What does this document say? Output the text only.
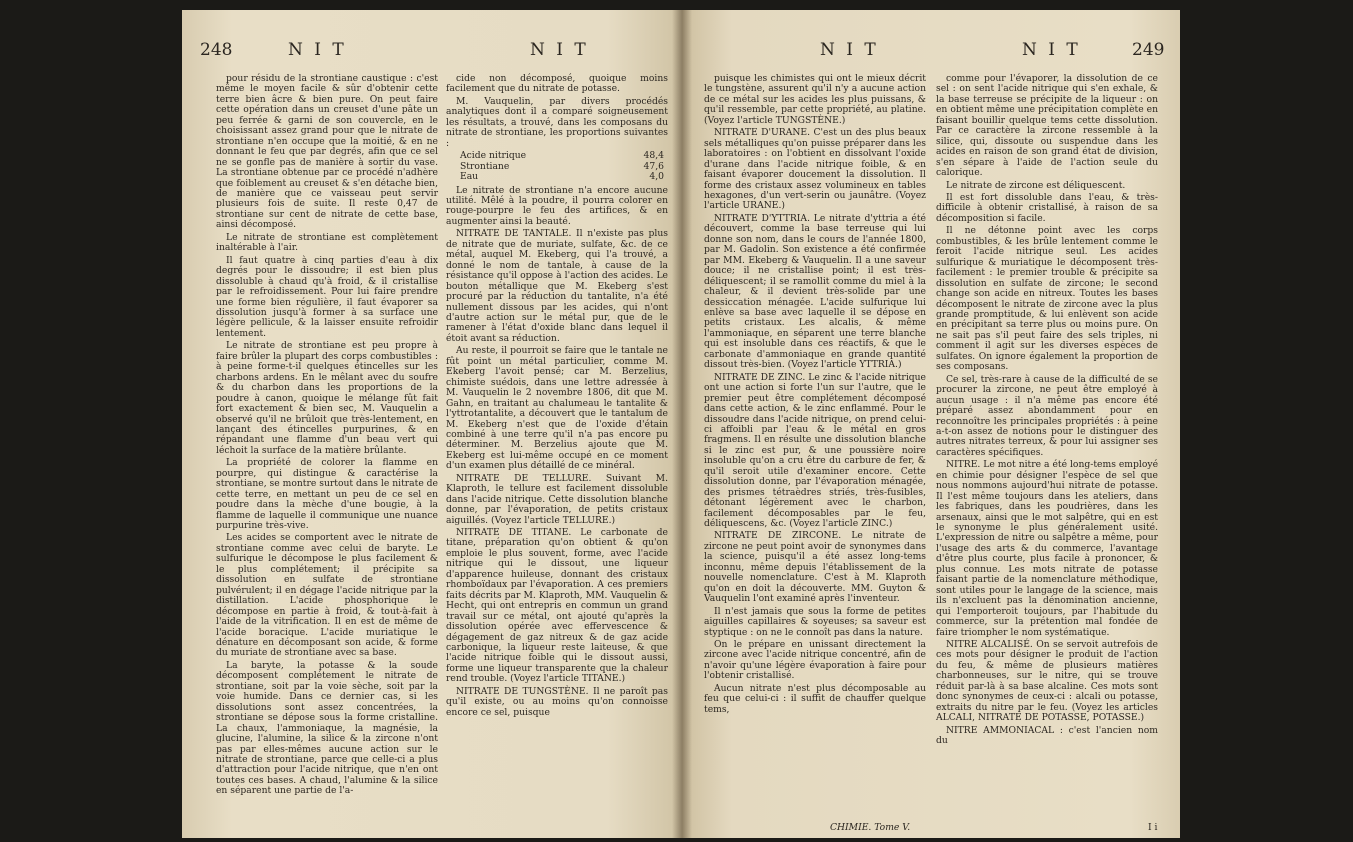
248	N I T	N I T

pour résidu de la strontiane caustique : c'est même le moyen facile & sûr d'obtenir cette terre bien âcre & bien pure. On peut faire cette opération dans un creuset d'une pâte un peu ferrée & garni de son couvercle, en le choisissant assez grand pour que le nitrate de strontiane n'en occupe que la moitié, & en ne donnant le feu que par degrés, afin que ce sel ne se gonfle pas de manière à sortir du vase. La strontiane obtenue par ce procédé n'adhère que foiblement au creuset & s'en détache bien, de manière que ce vaisseau peut servir plusieurs fois de suite. Il reste 0,47 de strontiane sur cent de nitrate de cette base, ainsi décomposé.

Le nitrate de strontiane est complètement inaltérable à l'air.

Il faut quatre à cinq parties d'eau à dix degrés pour le dissoudre; il est bien plus dissoluble à chaud qu'à froid, & il cristallise par le refroidissement. Pour lui faire prendre une forme bien régulière, il faut évaporer sa dissolution jusqu'à former à sa surface une légère pellicule, & la laisser ensuite refroidir lentement.

Le nitrate de strontiane est peu propre à faire brûler la plupart des corps combustibles : à peine forme-t-il quelques étincelles sur les charbons ardens. En le mêlant avec du soufre & du charbon dans les proportions de la poudre à canon, quoique le mélange fût fait fort exactement & bien sec, M. Vauquelin a observé qu'il ne brûloit que très-lentement, en lançant des étincelles purpurines, & en répandant une flamme d'un beau vert qui léchoit la surface de la matière brûlante.

La propriété de colorer la flamme en pourpre, qui distingue & caractérise la strontiane, se montre surtout dans le nitrate de cette terre, en mettant un peu de ce sel en poudre dans la mèche d'une bougie, à la flamme de laquelle il communique une nuance purpurine très-vive.

Les acides se comportent avec le nitrate de strontiane comme avec celui de baryte. Le sulfurique le décompose le plus facilement & le plus complétement; il précipite sa dissolution en sulfate de strontiane pulvérulent; il en dégage l'acide nitrique par la distillation. L'acide phosphorique le décompose en partie à froid, & tout-à-fait à l'aide de la vitrification. Il en est de même de l'acide boracique. L'acide muriatique le dénature en décomposant son acide, & forme du muriate de strontiane avec sa base.

La baryte, la potasse & la soude décomposent complétement le nitrate de strontiane, soit par la voie sèche, soit par la voie humide. Dans ce dernier cas, si les dissolutions sont assez concentrées, la strontiane se dépose sous la forme cristalline. La chaux, l'ammoniaque, la magnésie, la glucine, l'alumine, la silice & la zircone n'ont pas par elles-mêmes aucune action sur le nitrate de strontiane, parce que celle-ci a plus d'attraction pour l'acide nitrique, que n'en ont toutes ces bases. A chaud, l'alumine & la silice en séparent une partie de l'a-

cide non décomposé, quoique moins facilement que du nitrate de potasse.

M. Vauquelin, par divers procédés analytiques dont il a comparé soigneusement les résultats, a trouvé, dans les composans du nitrate de strontiane, les proportions suivantes :

Acide nitrique	48,4
Strontiane	47,6
Eau	4,0

Le nitrate de strontiane n'a encore aucune utilité. Mêlé à la poudre, il pourra colorer en rouge-pourpre le feu des artifices, & en augmenter ainsi la beauté.

NITRATE DE TANTALE. Il n'existe pas plus de nitrate que de muriate, sulfate, &c. de ce métal, auquel M. Ekeberg, qui l'a trouvé, a donné le nom de tantale, à cause de la résistance qu'il oppose à l'action des acides. Le bouton métallique que M. Ekeberg s'est procuré par la réduction du tantalite, n'a été nullement dissous par les acides, qui n'ont d'autre action sur le métal pur, que de le ramener à l'état d'oxide blanc dans lequel il étoit avant sa réduction.

Au reste, il pourroit se faire que le tantale ne fût point un métal particulier, comme M. Ekeberg l'avoit pensé; car M. Berzelius, chimiste suédois, dans une lettre adressée à M. Vauquelin le 2 novembre 1806, dit que M. Gahn, en traitant au chalumeau le tantalite & l'yttrotantalite, a découvert que le tantalum de M. Ekeberg n'est que de l'oxide d'étain combiné à une terre qu'il n'a pas encore pu déterminer. M. Berzelius ajoute que M. Ekeberg est lui-même occupé en ce moment d'un examen plus détaillé de ce minéral.

NITRATE DE TELLURE. Suivant M. Klaproth, le tellure est facilement dissoluble dans l'acide nitrique. Cette dissolution blanche donne, par l'évaporation, de petits cristaux aiguillés. (Voyez l'article TELLURE.)

NITRATE DE TITANE. Le carbonate de titane, préparation qu'on obtient & qu'on emploie le plus souvent, forme, avec l'acide nitrique qui le dissout, une liqueur d'apparence huileuse, donnant des cristaux rhomboïdaux par l'évaporation. A ces premiers faits décrits par M. Klaproth, MM. Vauquelin & Hecht, qui ont entrepris en commun un grand travail sur ce métal, ont ajouté qu'après la dissolution opérée avec effervescence & dégagement de gaz nitreux & de gaz acide carbonique, la liqueur reste laiteuse, & que l'acide nitrique foible qui le dissout aussi, forme une liqueur transparente que la chaleur rend trouble. (Voyez l'article TITANE.)

NITRATE DE TUNGSTÈNE. Il ne paroît pas qu'il existe, ou au moins qu'on connoisse encore ce sel, puisque

N I T	N I T	249

puisque les chimistes qui ont le mieux décrit le tungstène, assurent qu'il n'y a aucune action de ce métal sur les acides les plus puissans, & qu'il ressemble, par cette propriété, au platine. (Voyez l'article TUNGSTÈNE.)

NITRATE D'URANE. C'est un des plus beaux sels métalliques qu'on puisse préparer dans les laboratoires : on l'obtient en dissolvant l'oxide d'urane dans l'acide nitrique foible, & en faisant évaporer doucement la dissolution. Il forme des cristaux assez volumineux en tables hexagones, d'un vert-serin ou jaunâtre. (Voyez l'article URANE.)

NITRATE D'YTTRIA. Le nitrate d'yttria a été découvert, comme la base terreuse qui lui donne son nom, dans le cours de l'année 1800, par M. Gadolin. Son existence a été confirmée par MM. Ekeberg & Vauquelin. Il a une saveur douce; il ne cristallise point; il est très-déliquescent; il se ramollit comme du miel à la chaleur, & il devient très-solide par une dessiccation ménagée. L'acide sulfurique lui enlève sa base avec laquelle il se dépose en petits cristaux. Les alcalis, & même l'ammoniaque, en séparent une terre blanche qui est insoluble dans ces réactifs, & que le carbonate d'ammoniaque en grande quantité dissout très-bien. (Voyez l'article YTTRIA.)

NITRATE DE ZINC. Le zinc & l'acide nitrique ont une action si forte l'un sur l'autre, que le premier peut être complétement décomposé dans cette action, & le zinc enflammé. Pour le dissoudre dans l'acide nitrique, on prend celui-ci affoibli par l'eau & le métal en gros fragmens. Il en résulte une dissolution blanche si le zinc est pur, & une poussière noire insoluble qu'on a cru être du carbure de fer, & qu'il seroit utile d'examiner encore. Cette dissolution donne, par l'évaporation ménagée, des prismes tétraèdres striés, très-fusibles, détonant légèrement avec le charbon, facilement décomposables par le feu, déliquescens, &c. (Voyez l'article ZINC.)

NITRATE DE ZIRCONE. Le nitrate de zircone ne peut point avoir de synonymes dans la science, puisqu'il a été assez long-tems inconnu, même depuis l'établissement de la nouvelle nomenclature. C'est à M. Klaproth qu'on en doit la découverte. MM. Guyton & Vauquelin l'ont examiné après l'inventeur.

Il n'est jamais que sous la forme de petites aiguilles capillaires & soyeuses; sa saveur est styptique : on ne le connoît pas dans la nature.

On le prépare en unissant directement la zircone avec l'acide nitrique concentré, afin de n'avoir qu'une légère évaporation à faire pour l'obtenir cristallisé.

Aucun nitrate n'est plus décomposable au feu que celui-ci : il suffit de chauffer quelque tems,

comme pour l'évaporer, la dissolution de ce sel : on sent l'acide nitrique qui s'en exhale, & la base terreuse se précipite de la liqueur : on en obtient même une précipitation complète en faisant bouillir quelque tems cette dissolution. Par ce caractère la zircone ressemble à la silice, qui, dissoute ou suspendue dans les acides en raison de son grand état de division, s'en sépare à l'aide de l'action seule du calorique.

Le nitrate de zircone est déliquescent.

Il est fort dissoluble dans l'eau, & très-difficile à obtenir cristallisé, à raison de sa décomposition si facile.

Il ne détonne point avec les corps combustibles, & les brûle lentement comme le feroit l'acide nitrique seul. Les acides sulfurique & muriatique le décomposent très-facilement : le premier trouble & précipite sa dissolution en sulfate de zircone; le second change son acide en nitreux. Toutes les bases décomposent le nitrate de zircone avec la plus grande promptitude, & lui enlèvent son acide en précipitant sa terre plus ou moins pure. On ne sait pas s'il peut faire des sels triples, ni comment il agit sur les diverses espèces de sulfates. On ignore également la proportion de ses composans.

Ce sel, très-rare à cause de la difficulté de se procurer la zircone, ne peut être employé à aucun usage : il n'a même pas encore été préparé assez abondamment pour en reconnoître les principales propriétés : à peine a-t-on assez de notions pour le distinguer des autres nitrates terreux, & pour lui assigner ses caractères spécifiques.

NITRE. Le mot nitre a été long-tems employé en chimie pour désigner l'espèce de sel que nous nommons aujourd'hui nitrate de potasse. Il l'est même toujours dans les ateliers, dans les fabriques, dans les poudrières, dans les arsenaux, ainsi que le mot salpêtre, qui en est le synonyme le plus généralement usité. L'expression de nitre ou salpêtre a même, pour l'usage des arts & du commerce, l'avantage d'être plus courte, plus facile à prononcer, & plus connue. Les mots nitrate de potasse faisant partie de la nomenclature méthodique, sont utiles pour le langage de la science, mais ils n'excluent pas la dénomination ancienne, qui l'emporteroit toujours, par l'habitude du commerce, sur la prétention mal fondée de faire triompher le nom systématique.

NITRE ALCALISÉ. On se servoit autrefois de ces mots pour désigner le produit de l'action du feu, & même de plusieurs matières charbonneuses, sur le nitre, qui se trouve réduit par-là à sa base alcaline. Ces mots sont donc synonymes de ceux-ci : alcali ou potasse, extraits du nitre par le feu. (Voyez les articles ALCALI, NITRATE DE POTASSE, POTASSE.)

NITRE AMMONIACAL : c'est l'ancien nom du

CHIMIE. Tome V.	I i
